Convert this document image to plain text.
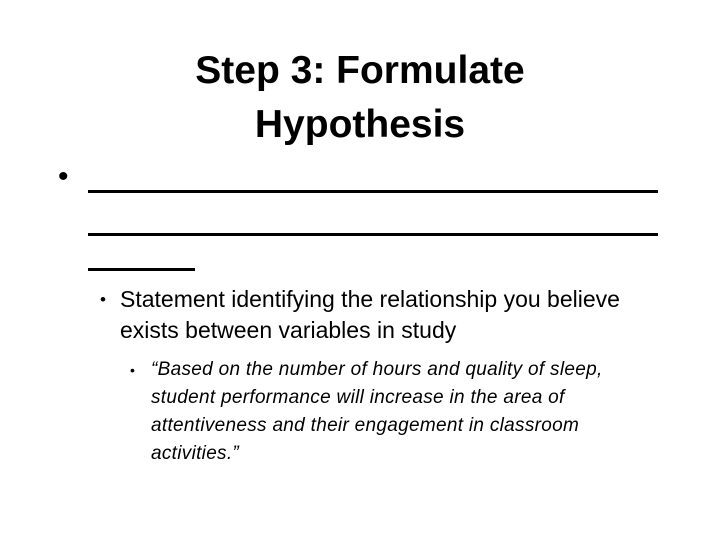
Step 3: Formulate
Hypothesis
•
• Statement identifying the relationship you believe exists between variables in study
• “Based on the number of hours and quality of sleep, student performance will increase in the area of attentiveness and their engagement in classroom activities.”
